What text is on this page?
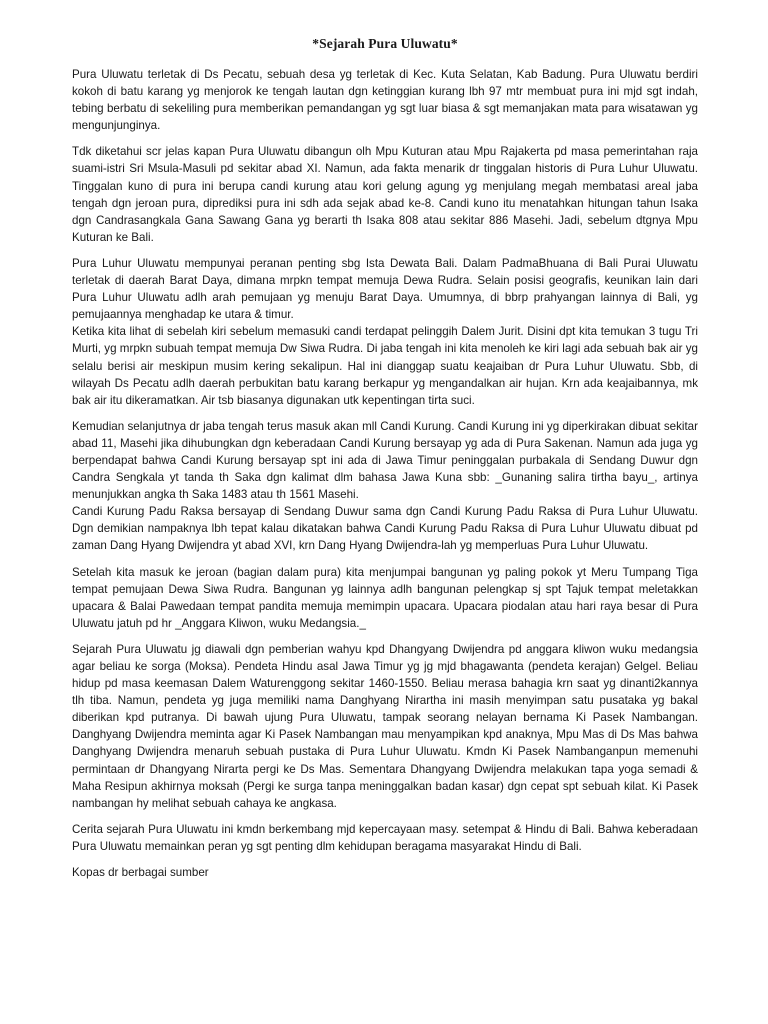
*Sejarah Pura Uluwatu*

Pura Uluwatu terletak di Ds Pecatu, sebuah desa yg terletak di Kec. Kuta Selatan, Kab Badung. Pura Uluwatu berdiri kokoh di batu karang yg menjorok ke tengah lautan dgn ketinggian kurang lbh 97 mtr membuat pura ini mjd sgt indah, tebing berbatu di sekeliling pura memberikan pemandangan yg sgt luar biasa & sgt memanjakan mata para wisatawan yg mengunjunginya.

Tdk diketahui scr jelas kapan Pura Uluwatu dibangun olh Mpu Kuturan atau Mpu Rajakerta pd masa pemerintahan raja suami-istri Sri Msula-Masuli pd sekitar abad XI. Namun, ada fakta menarik dr tinggalan historis di Pura Luhur Uluwatu. Tinggalan kuno di pura ini berupa candi kurung atau kori gelung agung yg menjulang megah membatasi areal jaba tengah dgn jeroan pura, diprediksi pura ini sdh ada sejak abad ke-8. Candi kuno itu menatahkan hitungan tahun Isaka dgn Candrasangkala Gana Sawang Gana yg berarti th Isaka 808 atau sekitar 886 Masehi. Jadi, sebelum dtgnya Mpu Kuturan ke Bali.

Pura Luhur Uluwatu mempunyai peranan penting sbg Ista Dewata Bali. Dalam PadmaBhuana di Bali Purai Uluwatu terletak di daerah Barat Daya, dimana mrpkn tempat memuja Dewa Rudra. Selain posisi geografis, keunikan lain dari Pura Luhur Uluwatu adlh arah pemujaan yg menuju Barat Daya. Umumnya, di bbrp prahyangan lainnya di Bali, yg pemujaannya menghadap ke utara & timur.

Ketika kita lihat di sebelah kiri sebelum memasuki candi terdapat pelinggih Dalem Jurit. Disini dpt kita temukan 3 tugu Tri Murti, yg mrpkn subuah tempat memuja Dw Siwa Rudra. Di jaba tengah ini kita menoleh ke kiri lagi ada sebuah bak air yg selalu berisi air meskipun musim kering sekalipun. Hal ini dianggap suatu keajaiban dr Pura Luhur Uluwatu. Sbb, di wilayah Ds Pecatu adlh daerah perbukitan batu karang berkapur yg mengandalkan air hujan. Krn ada keajaibannya, mk bak air itu dikeramatkan. Air tsb biasanya digunakan utk kepentingan tirta suci.

Kemudian selanjutnya dr jaba tengah terus masuk akan mll Candi Kurung. Candi Kurung ini yg diperkirakan dibuat sekitar abad 11, Masehi jika dihubungkan dgn keberadaan Candi Kurung bersayap yg ada di Pura Sakenan. Namun ada juga yg berpendapat bahwa Candi Kurung bersayap spt ini ada di Jawa Timur peninggalan purbakala di Sendang Duwur dgn Candra Sengkala yt tanda th Saka dgn kalimat dlm bahasa Jawa Kuna sbb: _Gunaning salira tirtha bayu_, artinya menunjukkan angka th Saka 1483 atau th 1561 Masehi.

Candi Kurung Padu Raksa bersayap di Sendang Duwur sama dgn Candi Kurung Padu Raksa di Pura Luhur Uluwatu. Dgn demikian nampaknya lbh tepat kalau dikatakan bahwa Candi Kurung Padu Raksa di Pura Luhur Uluwatu dibuat pd zaman Dang Hyang Dwijendra yt abad XVI, krn Dang Hyang Dwijendra-lah yg memperluas Pura Luhur Uluwatu.

Setelah kita masuk ke jeroan (bagian dalam pura) kita menjumpai bangunan yg paling pokok yt Meru Tumpang Tiga tempat pemujaan Dewa Siwa Rudra. Bangunan yg lainnya adlh bangunan pelengkap sj spt Tajuk tempat meletakkan upacara & Balai Pawedaan tempat pandita memuja memimpin upacara. Upacara piodalan atau hari raya besar di Pura Uluwatu jatuh pd hr _Anggara Kliwon, wuku Medangsia._

Sejarah Pura Uluwatu jg diawali dgn pemberian wahyu kpd Dhangyang Dwijendra pd anggara kliwon wuku medangsia agar beliau ke sorga (Moksa). Pendeta Hindu asal Jawa Timur yg jg mjd bhagawanta (pendeta kerajan) Gelgel. Beliau hidup pd masa keemasan Dalem Waturenggong sekitar 1460-1550. Beliau merasa bahagia krn saat yg dinanti2kannya tlh tiba. Namun, pendeta yg juga memiliki nama Danghyang Nirartha ini masih menyimpan satu pusataka yg bakal diberikan kpd putranya. Di bawah ujung Pura Uluwatu, tampak seorang nelayan bernama Ki Pasek Nambangan. Danghyang Dwijendra meminta agar Ki Pasek Nambangan mau menyampikan kpd anaknya, Mpu Mas di Ds Mas bahwa Danghyang Dwijendra menaruh sebuah pustaka di Pura Luhur Uluwatu. Kmdn Ki Pasek Nambanganpun memenuhi permintaan dr Dhangyang Nirarta pergi ke Ds Mas. Sementara Dhangyang Dwijendra melakukan tapa yoga semadi & Maha Resipun akhirnya moksah (Pergi ke surga tanpa meninggalkan badan kasar) dgn cepat spt sebuah kilat. Ki Pasek nambangan hy melihat sebuah cahaya ke angkasa.

Cerita sejarah Pura Uluwatu ini kmdn berkembang mjd kepercayaan masy. setempat & Hindu di Bali. Bahwa keberadaan Pura Uluwatu memainkan peran yg sgt penting dlm kehidupan beragama masyarakat Hindu di Bali.

Kopas dr berbagai sumber
